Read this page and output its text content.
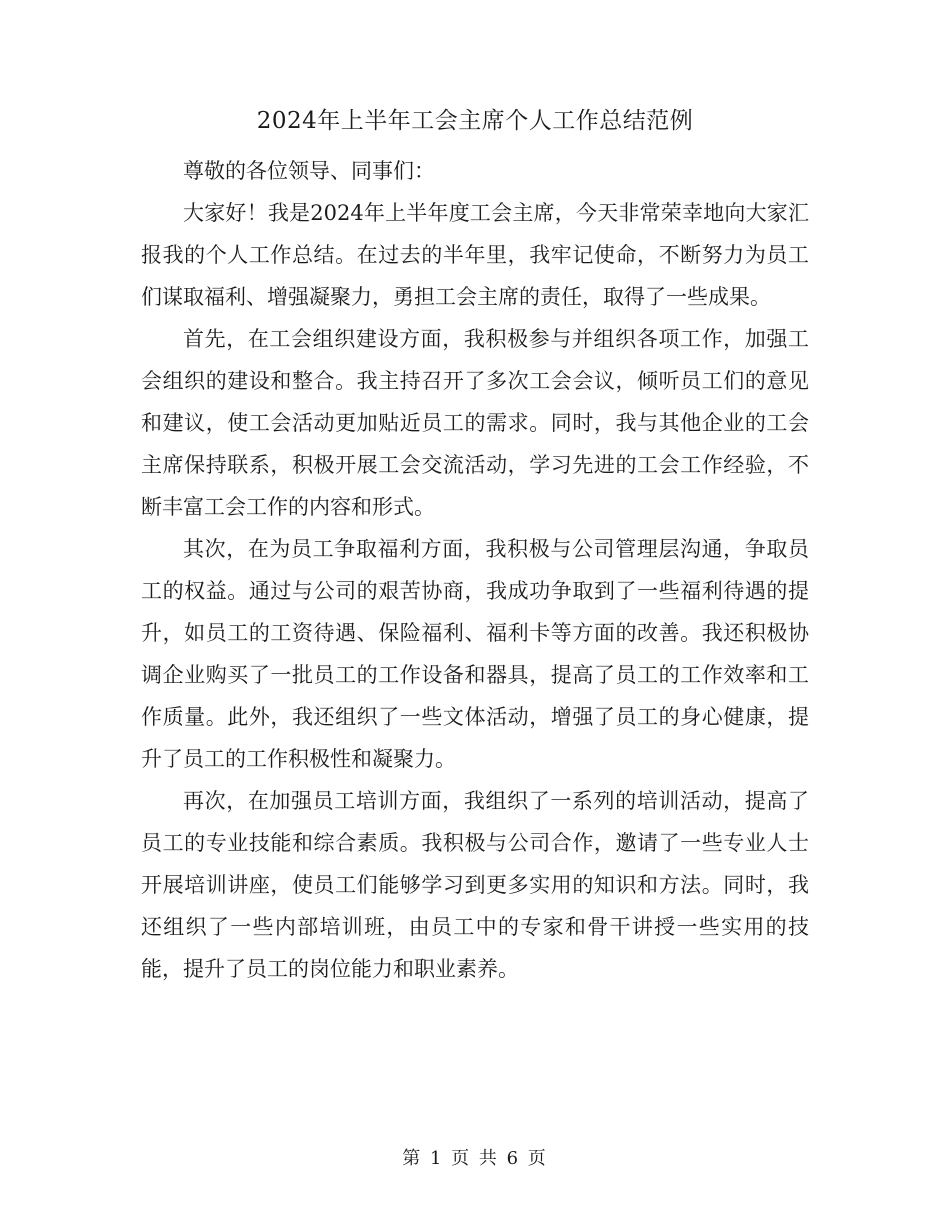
2024年上半年工会主席个人工作总结范例

尊敬的各位领导、同事们：

大家好！我是2024年上半年度工会主席，今天非常荣幸地向大家汇报我的个人工作总结。在过去的半年里，我牢记使命，不断努力为员工们谋取福利、增强凝聚力，勇担工会主席的责任，取得了一些成果。

首先，在工会组织建设方面，我积极参与并组织各项工作，加强工会组织的建设和整合。我主持召开了多次工会会议，倾听员工们的意见和建议，使工会活动更加贴近员工的需求。同时，我与其他企业的工会主席保持联系，积极开展工会交流活动，学习先进的工会工作经验，不断丰富工会工作的内容和形式。

其次，在为员工争取福利方面，我积极与公司管理层沟通，争取员工的权益。通过与公司的艰苦协商，我成功争取到了一些福利待遇的提升，如员工的工资待遇、保险福利、福利卡等方面的改善。我还积极协调企业购买了一批员工的工作设备和器具，提高了员工的工作效率和工作质量。此外，我还组织了一些文体活动，增强了员工的身心健康，提升了员工的工作积极性和凝聚力。

再次，在加强员工培训方面，我组织了一系列的培训活动，提高了员工的专业技能和综合素质。我积极与公司合作，邀请了一些专业人士开展培训讲座，使员工们能够学习到更多实用的知识和方法。同时，我还组织了一些内部培训班，由员工中的专家和骨干讲授一些实用的技能，提升了员工的岗位能力和职业素养。

第 1 页 共 6 页
